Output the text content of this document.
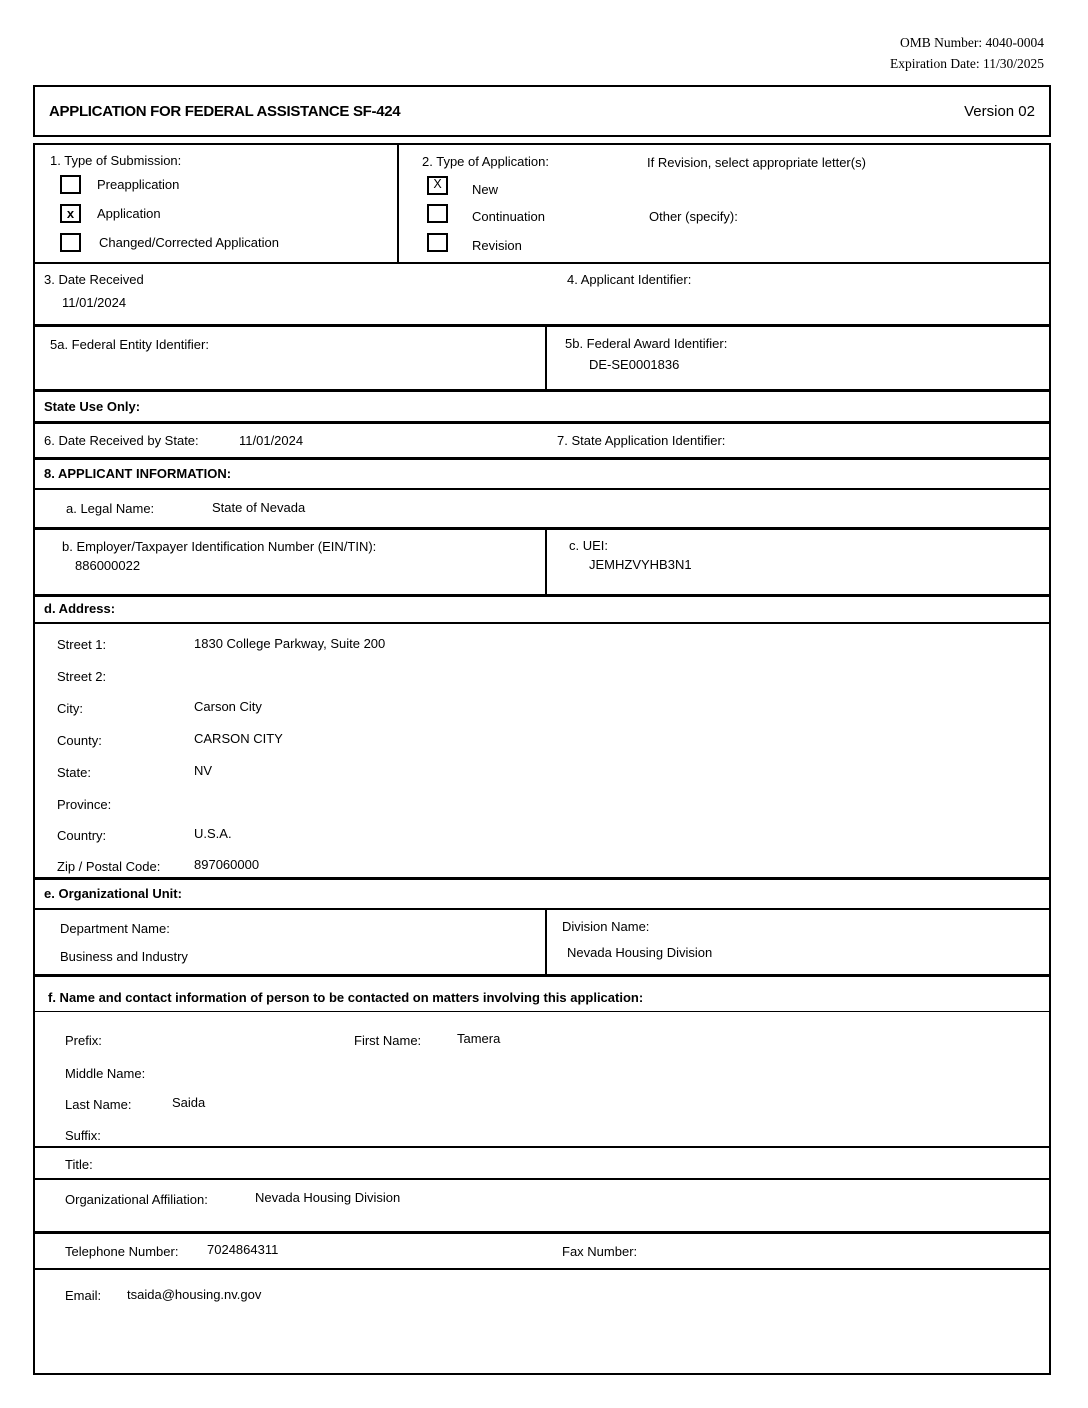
OMB Number: 4040-0004
Expiration Date: 11/30/2025
APPLICATION FOR FEDERAL ASSISTANCE SF-424	Version 02
1. Type of Submission:
Preapplication
x Application
Changed/Corrected Application
2. Type of Application:
X New
Continuation
Revision
If Revision, select appropriate letter(s)
Other (specify):
3. Date Received
11/01/2024
4. Applicant Identifier:
5a. Federal Entity Identifier:	5b. Federal Award Identifier:
DE-SE0001836
State Use Only:
6. Date Received by State:	11/01/2024	7. State Application Identifier:
8. APPLICANT INFORMATION:
a. Legal Name:	State of Nevada
b. Employer/Taxpayer Identification Number (EIN/TIN):
886000022
c. UEI:
JEMHZVYHB3N1
d. Address:
Street 1:	1830 College Parkway, Suite 200
Street 2:
City:	Carson City
County:	CARSON CITY
State:	NV
Province:
Country:	U.S.A.
Zip / Postal Code:	897060000
e. Organizational Unit:
Department Name:
Business and Industry
Division Name:
Nevada Housing Division
f. Name and contact information of person to be contacted on matters involving this application:
Prefix:	First Name:	Tamera
Middle Name:
Last Name:	Saida
Suffix:
Title:
Organizational Affiliation:	Nevada Housing Division
Telephone Number: 7024864311	Fax Number:
Email: tsaida@housing.nv.gov
